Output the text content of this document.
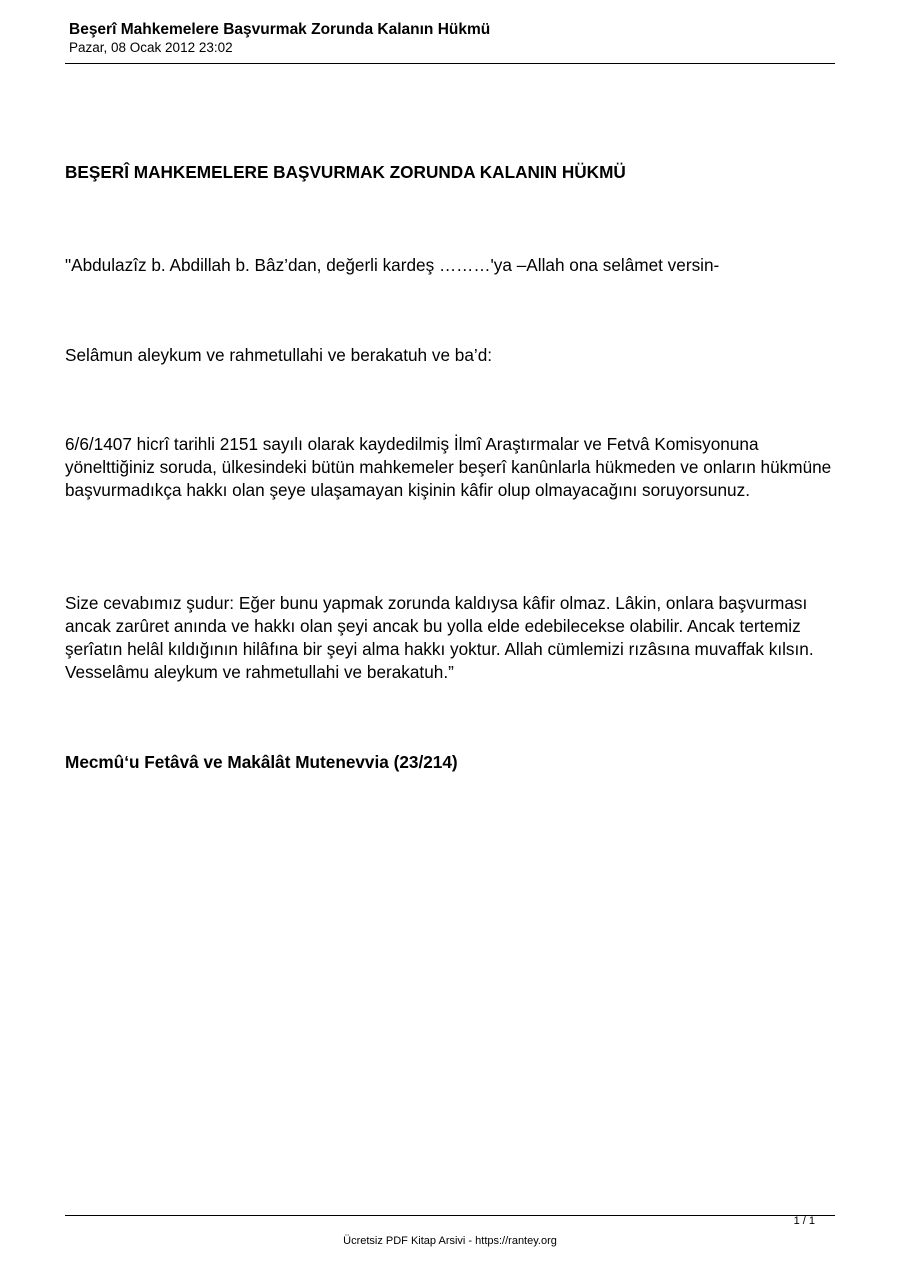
Beşerî Mahkemelere Başvurmak Zorunda Kalanın Hükmü

Pazar, 08 Ocak 2012 23:02

BEŞERÎ MAHKEMELERE BAŞVURMAK ZORUNDA KALANIN HÜKMÜ

"Abdulazîz b. Abdillah b. Bâz’dan, değerli kardeş ………'ya –Allah ona selâmet versin-

Selâmun aleykum ve rahmetullahi ve berakatuh ve ba’d:

6/6/1407 hicrî tarihli 2151 sayılı olarak kaydedilmiş İlmî Araştırmalar ve Fetvâ Komisyonuna yönelttiğiniz soruda, ülkesindeki bütün mahkemeler beşerî kanûnlarla hükmeden ve onların hükmüne başvurmadıkça hakkı olan şeye ulaşamayan kişinin kâfir olup olmayacağını soruyorsunuz.

Size cevabımız şudur: Eğer bunu yapmak zorunda kaldıysa kâfir olmaz. Lâkin, onlara başvurması ancak zarûret anında ve hakkı olan şeyi ancak bu yolla elde edebilecekse olabilir. Ancak tertemiz şerîatın helâl kıldığının hilâfına bir şeyi alma hakkı yoktur. Allah cümlemizi rızâsına muvaffak kılsın. Vesselâmu aleykum ve rahmetullahi ve berakatuh.”

Mecmû‘u Fetâvâ ve Makâlât Mutenevvia (23/214)

1 / 1
Ücretsiz PDF Kitap Arsivi - https://rantey.org
